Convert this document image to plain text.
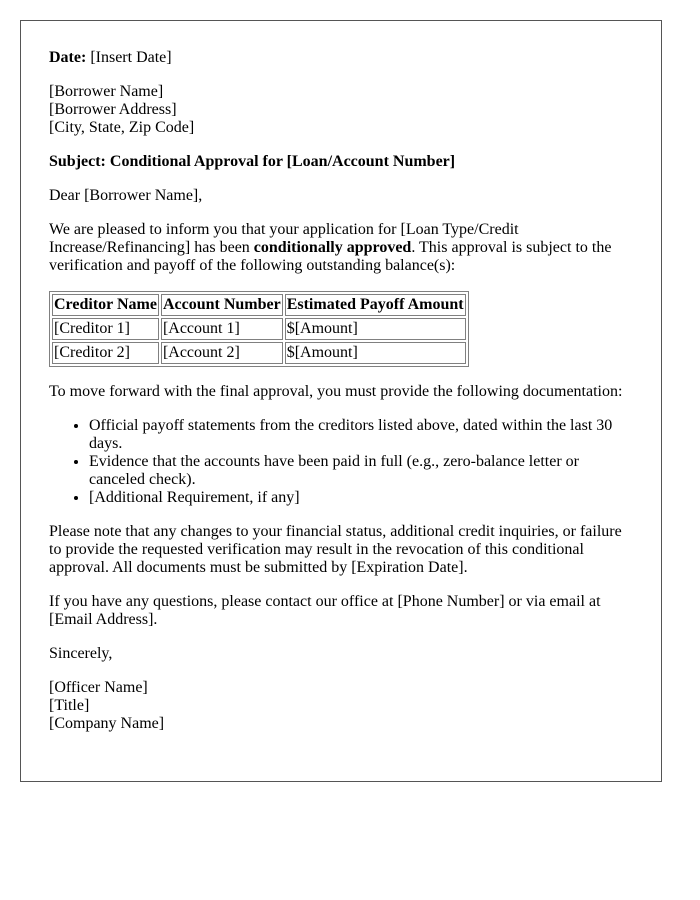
Date: [Insert Date]

[Borrower Name]
[Borrower Address]
[City, State, Zip Code]

Subject: Conditional Approval for [Loan/Account Number]

Dear [Borrower Name],

We are pleased to inform you that your application for [Loan Type/Credit Increase/Refinancing] has been conditionally approved. This approval is subject to the verification and payoff of the following outstanding balance(s):

Creditor Name	Account Number	Estimated Payoff Amount
[Creditor 1]	[Account 1]	$[Amount]
[Creditor 2]	[Account 2]	$[Amount]

To move forward with the final approval, you must provide the following documentation:

• Official payoff statements from the creditors listed above, dated within the last 30 days.
• Evidence that the accounts have been paid in full (e.g., zero-balance letter or canceled check).
• [Additional Requirement, if any]

Please note that any changes to your financial status, additional credit inquiries, or failure to provide the requested verification may result in the revocation of this conditional approval. All documents must be submitted by [Expiration Date].

If you have any questions, please contact our office at [Phone Number] or via email at [Email Address].

Sincerely,

[Officer Name]
[Title]
[Company Name]
